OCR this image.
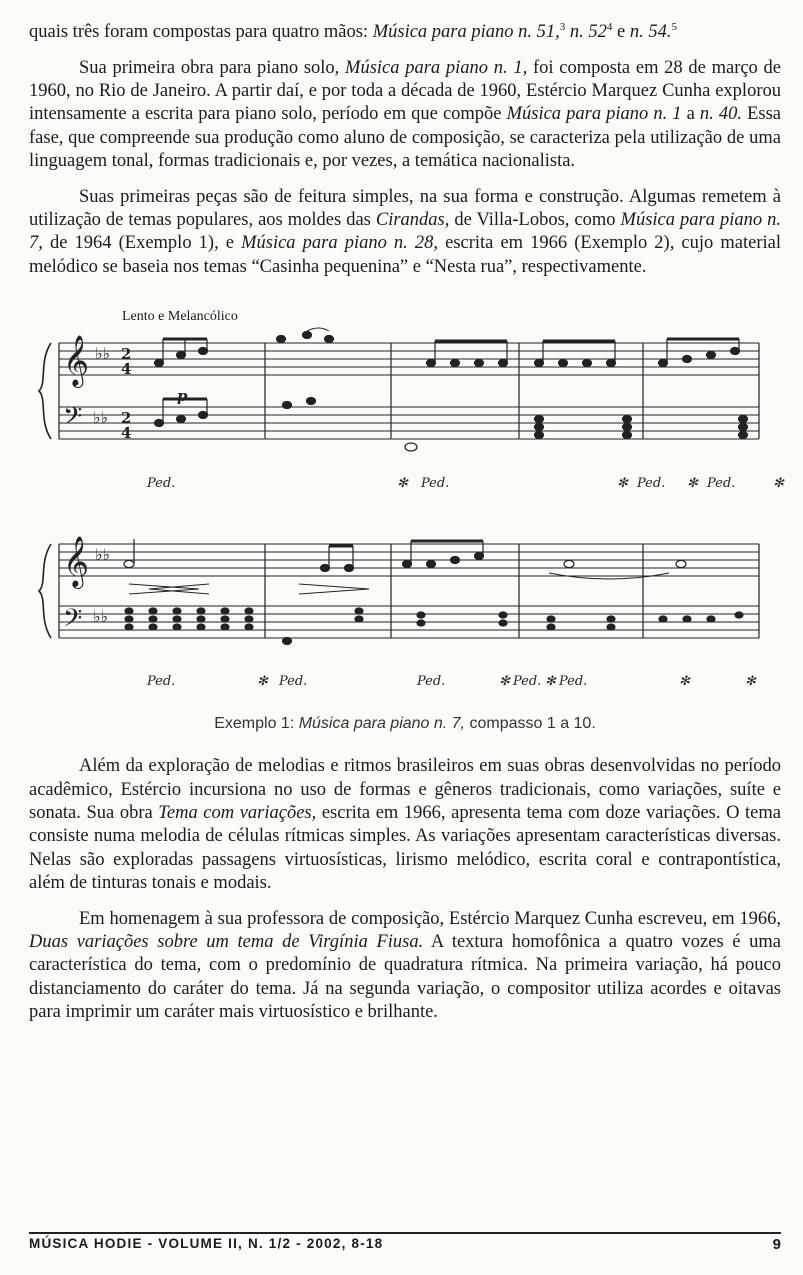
quais três foram compostas para quatro mãos: Música para piano n. 51,$^3$ n. $52^4$ e n. 54.$^5$

Sua primeira obra para piano solo, Música para piano n. 1, foi composta em 28 de março de 1960, no Rio de Janeiro. A partir daí, e por toda a década de 1960, Estércio Marquez Cunha explorou intensamente a escrita para piano solo, período em que compõe Música para piano n. 1 a n. 40. Essa fase, que compreende sua produção como aluno de composição, se caracteriza pela utilização de uma linguagem tonal, formas tradicionais e, por vezes, a temática nacionalista.

Suas primeiras peças são de feitura simples, na sua forma e construção. Algumas remetem à utilização de temas populares, aos moldes das Cirandas, de Villa-Lobos, como Música para piano n. 7, de 1964 (Exemplo 1), e Música para piano n. 28, escrita em 1966 (Exemplo 2), cujo material melódico se baseia nos temas “Casinha pequenina” e “Nesta rua”, respectivamente.

Lento e Melancólico
𝄞
𝄢
𝄞
𝄢
♭♭
♭♭
♭♭
♭♭
2
4
2
4
p
Ped.	✻ Ped.	✻ Ped. ✻ Ped.	✻
Ped.	✻ Ped.	Ped.	✻ Ped. ✻ Ped.	✻	✻
Exemplo 1: Música para piano n. 7, compasso 1 a 10.

Além da exploração de melodias e ritmos brasileiros em suas obras desenvolvidas no período acadêmico, Estércio incursiona no uso de formas e gêneros tradicionais, como variações, suíte e sonata. Sua obra Tema com variações, escrita em 1966, apresenta tema com doze variações. O tema consiste numa melodia de células rítmicas simples. As variações apresentam características diversas. Nelas são exploradas passagens virtuosísticas, lirismo melódico, escrita coral e contrapontística, além de tinturas tonais e modais.

Em homenagem à sua professora de composição, Estércio Marquez Cunha escreveu, em 1966, Duas variações sobre um tema de Virgínia Fiusa. A textura homofônica a quatro vozes é uma característica do tema, com o predomínio de quadratura rítmica. Na primeira variação, há pouco distanciamento do caráter do tema. Já na segunda variação, o compositor utiliza acordes e oitavas para imprimir um caráter mais virtuosístico e brilhante.

MÚSICA HODIE - VOLUME II, N. 1/2 - 2002, 8-18	9
